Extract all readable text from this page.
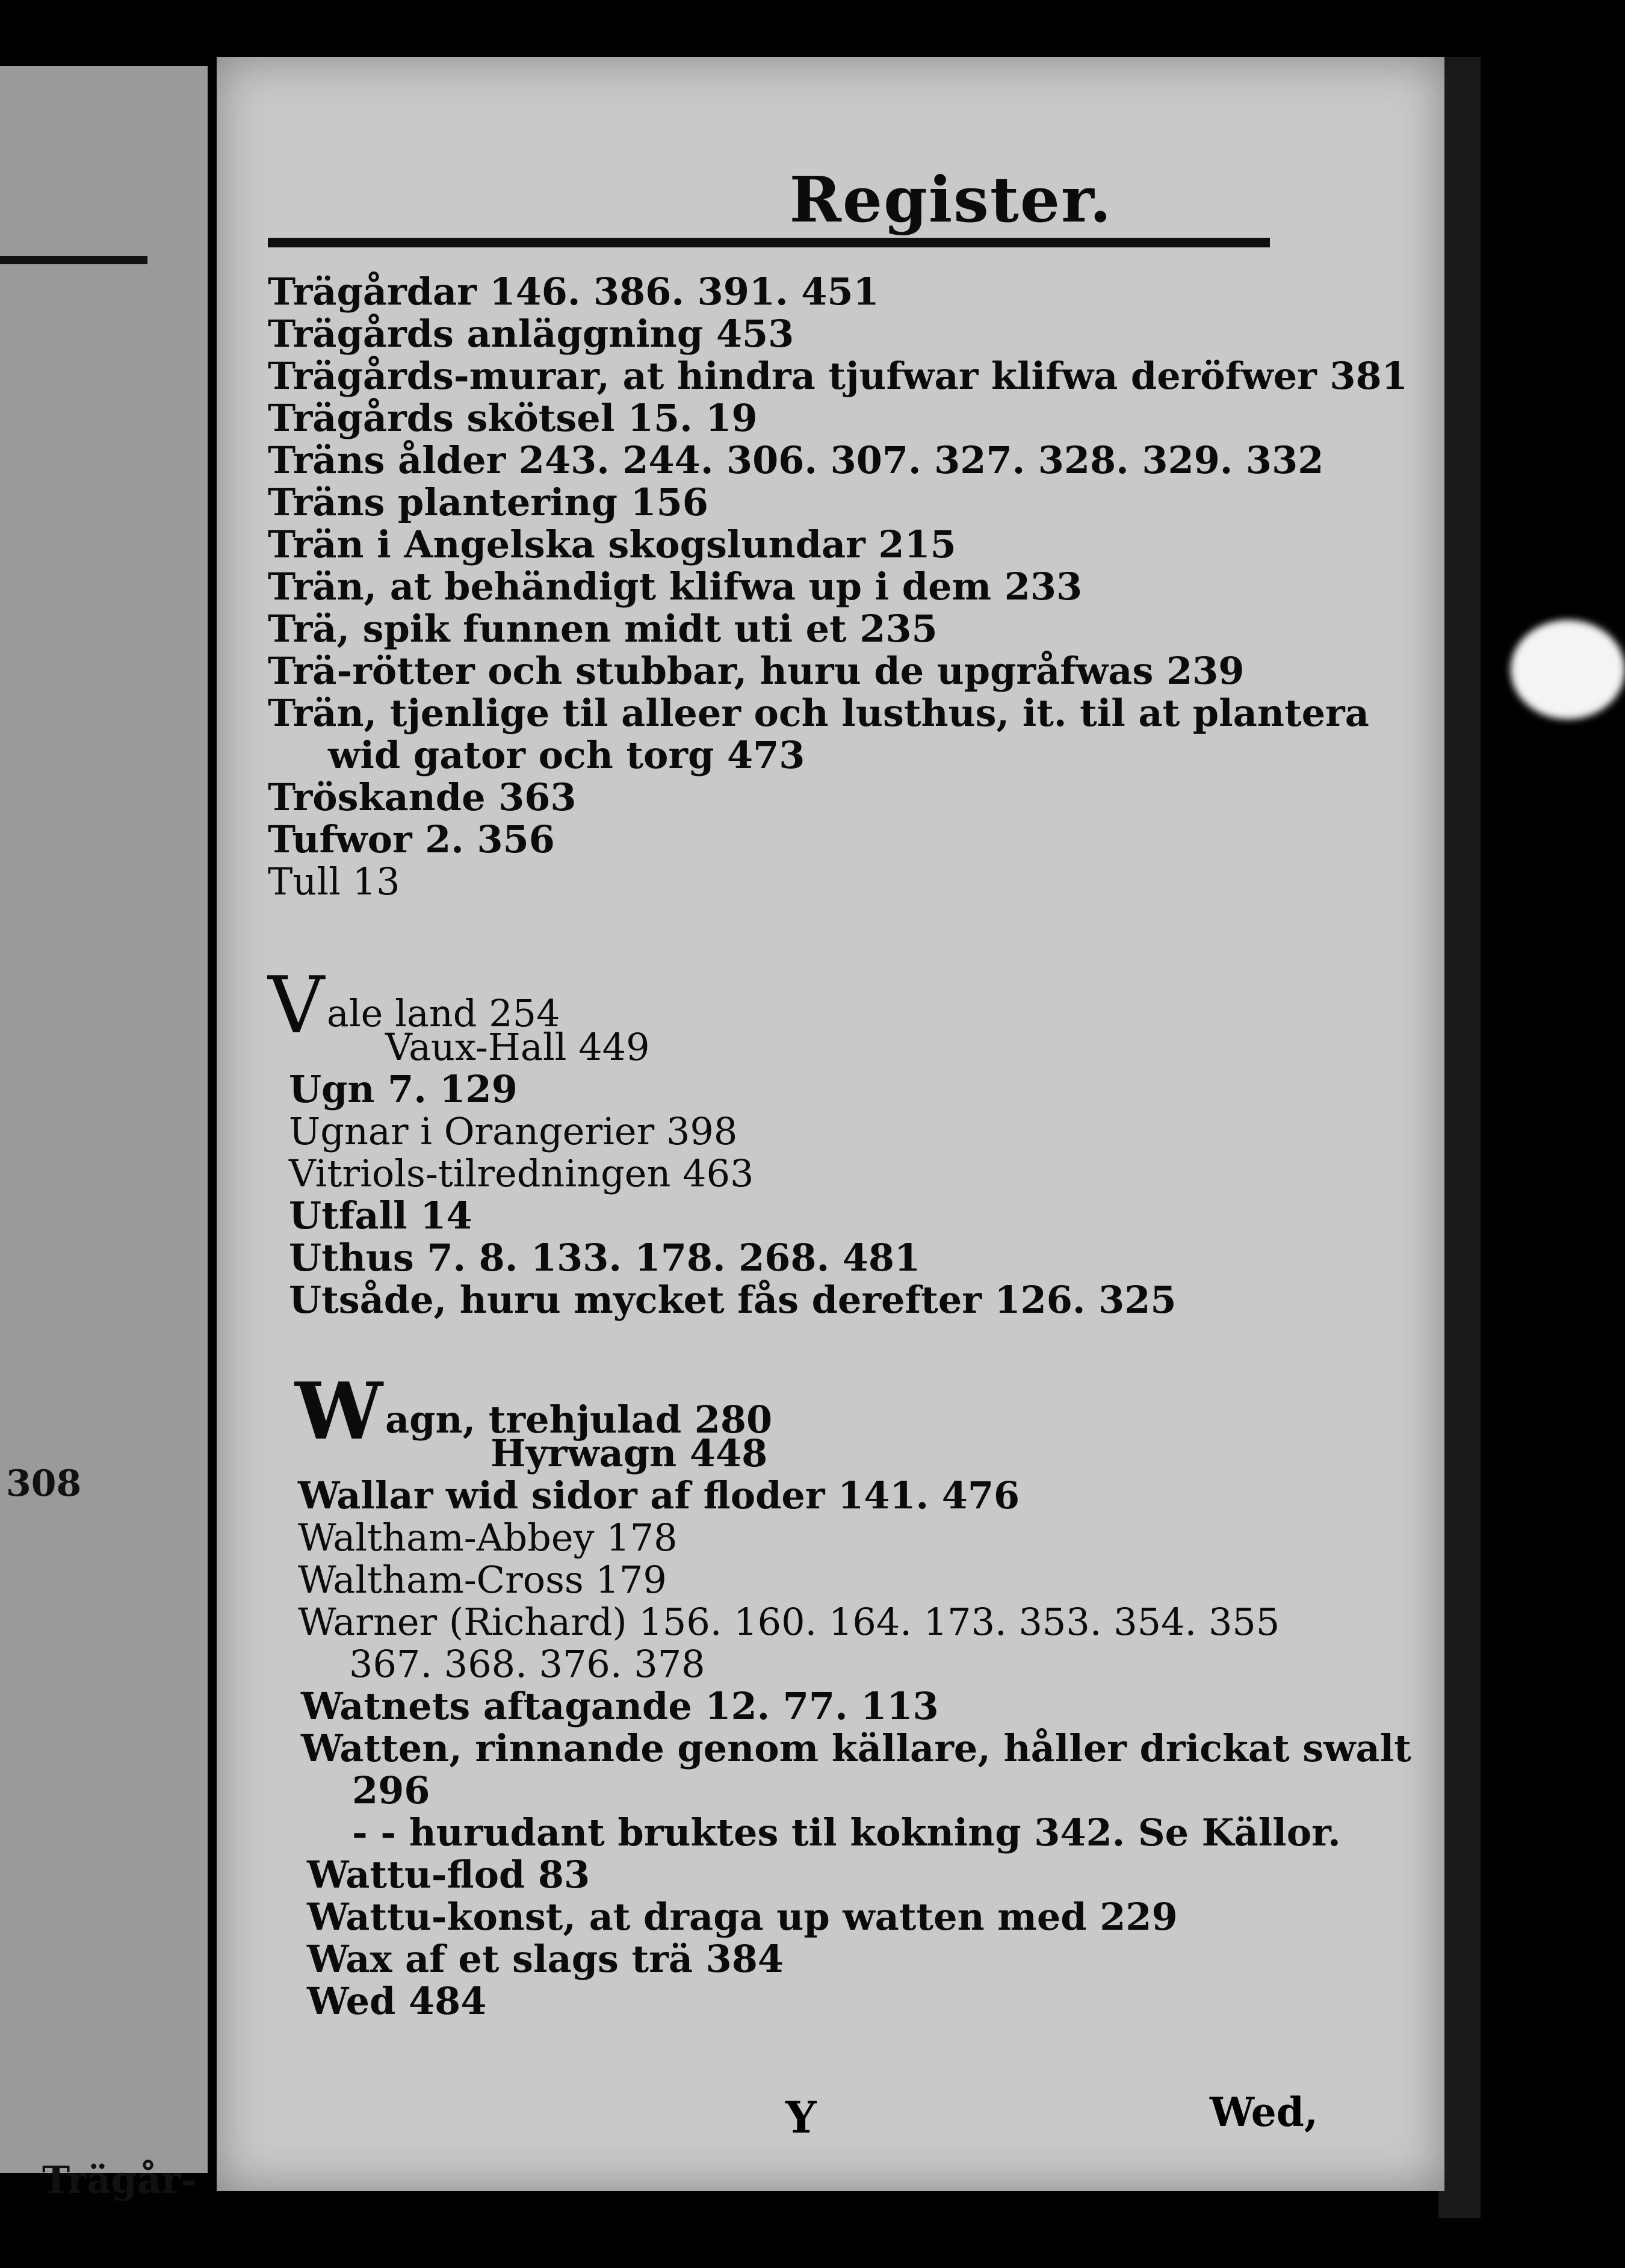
308
Trägår-
Register.
Trägårdar 146. 386. 391. 451
Trägårds anläggning 453
Trägårds-murar, at hindra tjufwar klifwa deröfwer 381
Trägårds skötsel 15. 19
Träns ålder 243. 244. 306. 307. 327. 328. 329. 332
Träns plantering 156
Trän i Angelska skogslundar 215
Trän, at behändigt klifwa up i dem 233
Trä, spik funnen midt uti et 235
Trä-rötter och stubbar, huru de upgråfwas 239
Trän, tjenlige til alleer och lusthus, it. til at plantera
wid gator och torg 473
Tröskande 363
Tufwor 2. 356
Tull 13
Vale land 254
Vaux-Hall 449
Ugn 7. 129
Ugnar i Orangerier 398
Vitriols-tilredningen 463
Utfall 14
Uthus 7. 8. 133. 178. 268. 481
Utsåde, huru mycket fås derefter 126. 325
Wagn, trehjulad 280
Hyrwagn 448
Wallar wid sidor af floder 141. 476
Waltham-Abbey 178
Waltham-Cross 179
Warner (Richard) 156. 160. 164. 173. 353. 354. 355
367. 368. 376. 378
Watnets aftagande 12. 77. 113
Watten, rinnande genom källare, håller drickat swalt
296
- - hurudant bruktes til kokning 342. Se Källor.
Wattu-flod 83
Wattu-konst, at draga up watten med 229
Wax af et slags trä 384
Wed 484
Y	Wed,
